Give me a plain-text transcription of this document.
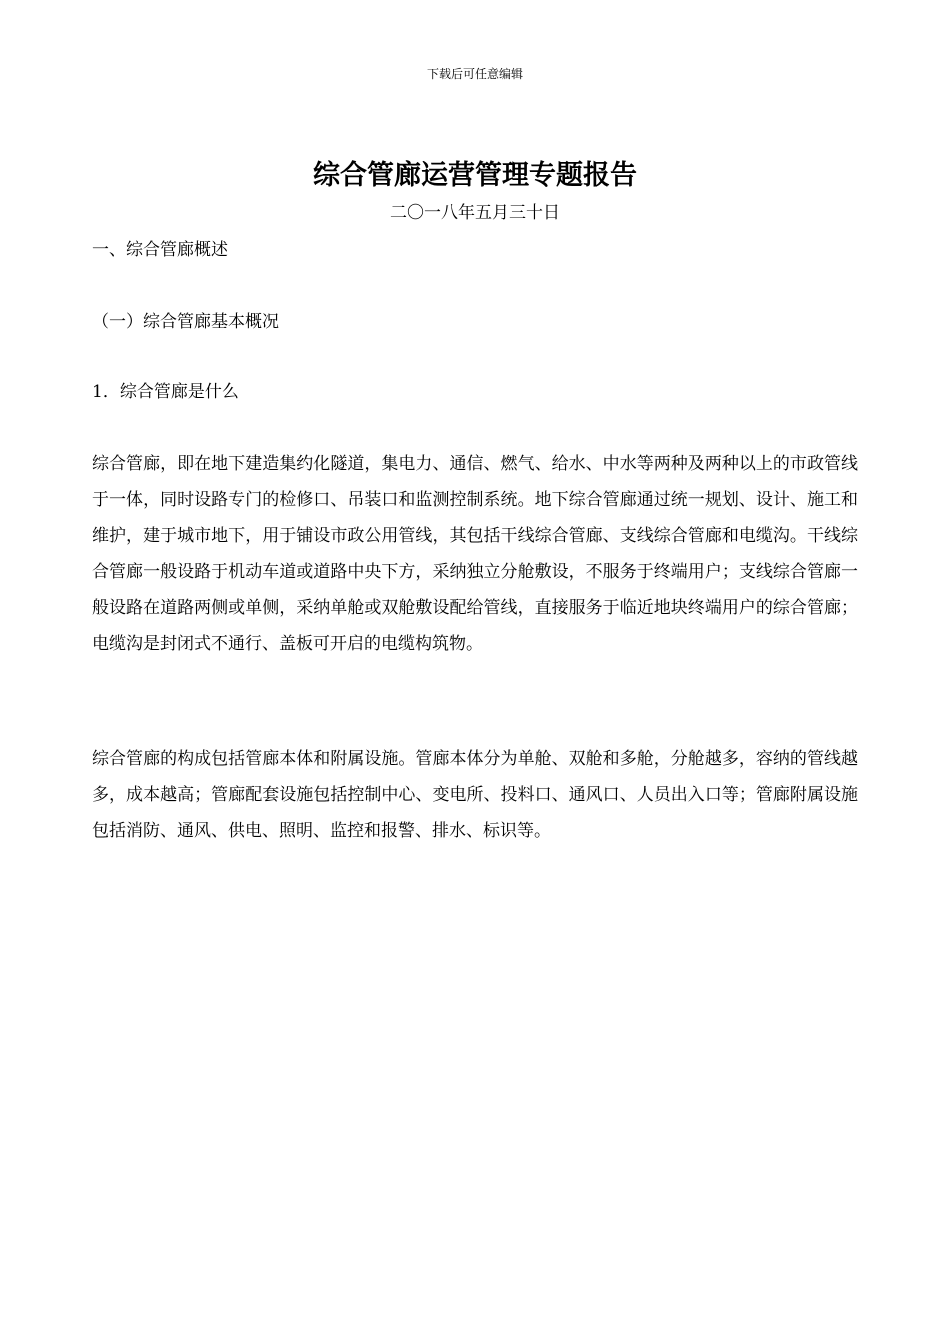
下载后可任意编辑
综合管廊运营管理专题报告
二〇一八年五月三十日
一、综合管廊概述
（一）综合管廊基本概况
1．综合管廊是什么

综合管廊，即在地下建造集约化隧道，集电力、通信、燃气、给水、中水等两种及两种以上的市政管线于一体，同时设路专门的检修口、吊装口和监测控制系统。地下综合管廊通过统一规划、设计、施工和维护，建于城市地下，用于铺设市政公用管线，其包括干线综合管廊、支线综合管廊和电缆沟。干线综合管廊一般设路于机动车道或道路中央下方，采纳独立分舱敷设，不服务于终端用户；支线综合管廊一般设路在道路两侧或单侧，采纳单舱或双舱敷设配给管线，直接服务于临近地块终端用户的综合管廊；电缆沟是封闭式不通行、盖板可开启的电缆构筑物。

综合管廊的构成包括管廊本体和附属设施。管廊本体分为单舱、双舱和多舱，分舱越多，容纳的管线越多，成本越高；管廊配套设施包括控制中心、变电所、投料口、通风口、人员出入口等；管廊附属设施包括消防、通风、供电、照明、监控和报警、排水、标识等。
